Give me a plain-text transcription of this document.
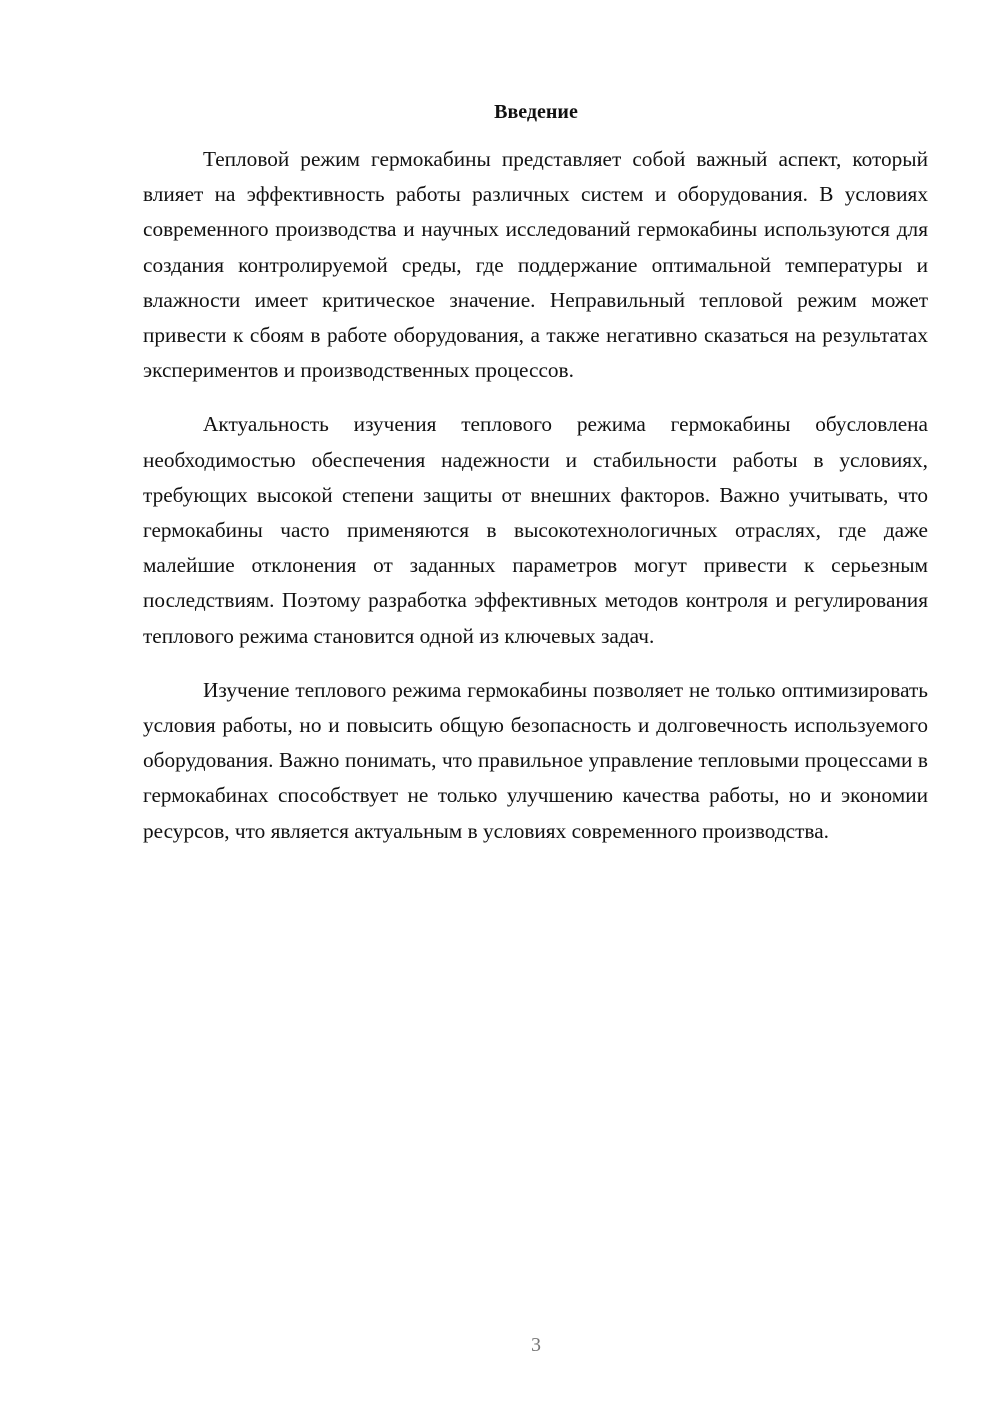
Введение

Тепловой режим гермокабины представляет собой важный аспект, который влияет на эффективность работы различных систем и оборудования. В условиях современного производства и научных исследований гермокабины используются для создания контролируемой среды, где поддержание оптимальной температуры и влажности имеет критическое значение. Неправильный тепловой режим может привести к сбоям в работе оборудования, а также негативно сказаться на результатах экспериментов и производственных процессов.

Актуальность изучения теплового режима гермокабины обусловлена необходимостью обеспечения надежности и стабильности работы в условиях, требующих высокой степени защиты от внешних факторов. Важно учитывать, что гермокабины часто применяются в высокотехнологичных отраслях, где даже малейшие отклонения от заданных параметров могут привести к серьезным последствиям. Поэтому разработка эффективных методов контроля и регулирования теплового режима становится одной из ключевых задач.

Изучение теплового режима гермокабины позволяет не только оптимизировать условия работы, но и повысить общую безопасность и долговечность используемого оборудования. Важно понимать, что правильное управление тепловыми процессами в гермокабинах способствует не только улучшению качества работы, но и экономии ресурсов, что является актуальным в условиях современного производства.

3
